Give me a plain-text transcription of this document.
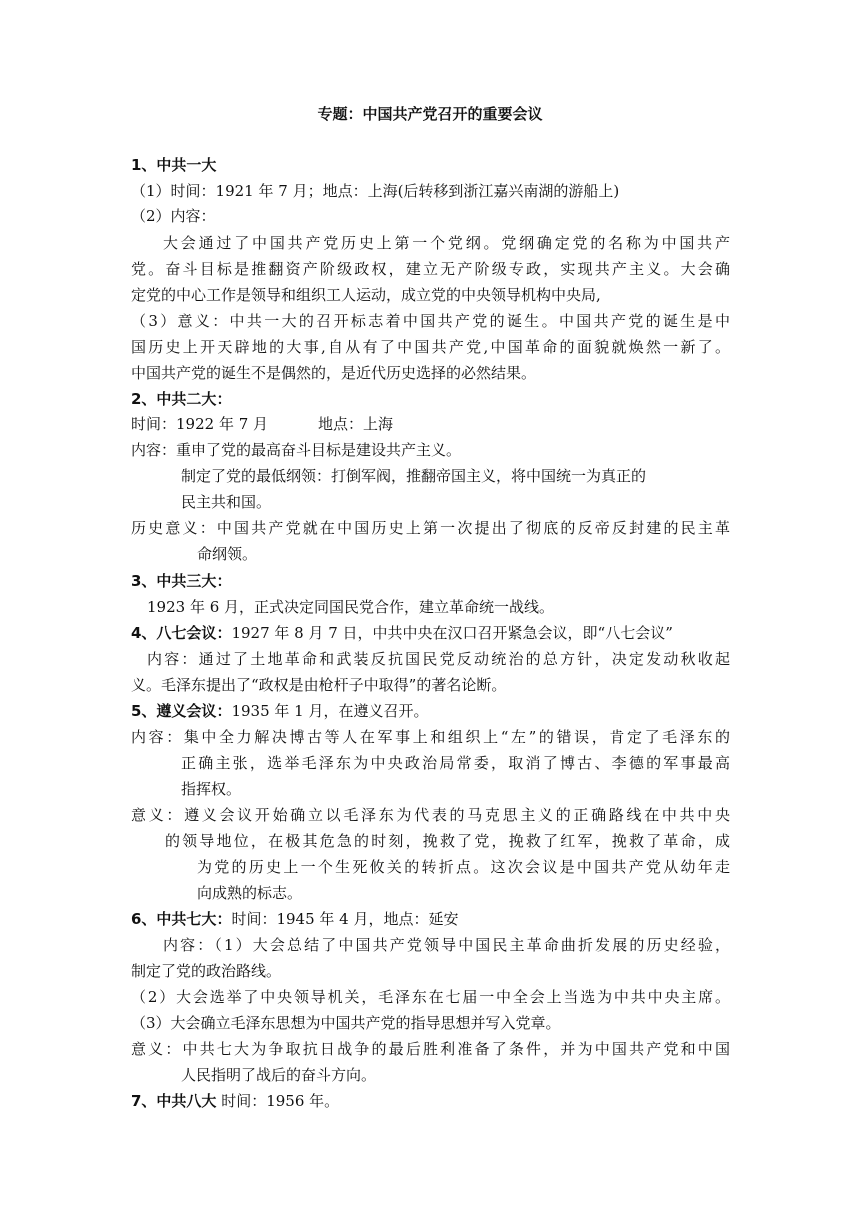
专题：中国共产党召开的重要会议
1、中共一大
（1）时间：1921 年 7 月；地点：上海(后转移到浙江嘉兴南湖的游船上)
（2）内容：
大会通过了中国共产党历史上第一个党纲。党纲确定党的名称为中国共产
党。奋斗目标是推翻资产阶级政权，建立无产阶级专政，实现共产主义。大会确
定党的中心工作是领导和组织工人运动，成立党的中央领导机构中央局,
（3）意义：中共一大的召开标志着中国共产党的诞生。中国共产党的诞生是中
国历史上开天辟地的大事,自从有了中国共产党,中国革命的面貌就焕然一新了。
中国共产党的诞生不是偶然的，是近代历史选择的必然结果。
2、中共二大：
时间：1922 年 7 月	地点：上海
内容：重申了党的最高奋斗目标是建设共产主义。
制定了党的最低纲领：打倒军阀，推翻帝国主义，将中国统一为真正的
民主共和国。
历史意义：中国共产党就在中国历史上第一次提出了彻底的反帝反封建的民主革
命纲领。
3、中共三大：
1923 年 6 月，正式决定同国民党合作，建立革命统一战线。
4、八七会议：1927 年 8 月 7 日，中共中央在汉口召开紧急会议，即“八七会议”
内容：通过了土地革命和武装反抗国民党反动统治的总方针，决定发动秋收起
义。毛泽东提出了“政权是由枪杆子中取得”的著名论断。
5、遵义会议：1935 年 1 月，在遵义召开。
内容：集中全力解决博古等人在军事上和组织上“左”的错误，肯定了毛泽东的
正确主张，选举毛泽东为中央政治局常委，取消了博古、李德的军事最高
指挥权。
意义：遵义会议开始确立以毛泽东为代表的马克思主义的正确路线在中共中央
的领导地位，在极其危急的时刻，挽救了党，挽救了红军，挽救了革命，成
为党的历史上一个生死攸关的转折点。这次会议是中国共产党从幼年走
向成熟的标志。
6、中共七大：时间：1945 年 4 月，地点：延安
内容：（1）大会总结了中国共产党领导中国民主革命曲折发展的历史经验，
制定了党的政治路线。
（2）大会选举了中央领导机关，毛泽东在七届一中全会上当选为中共中央主席。
（3）大会确立毛泽东思想为中国共产党的指导思想并写入党章。
意义：中共七大为争取抗日战争的最后胜利准备了条件，并为中国共产党和中国
人民指明了战后的奋斗方向。
7、中共八大 时间：1956 年。
